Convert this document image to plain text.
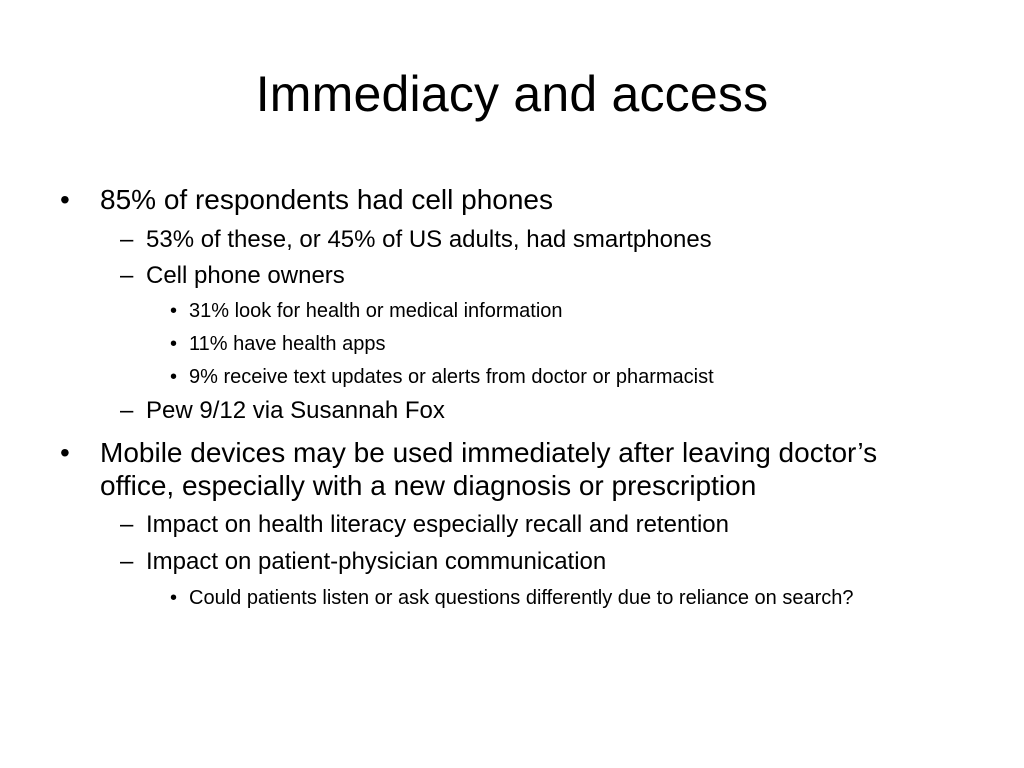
Immediacy and access
• 85% of respondents had cell phones
– 53% of these, or 45% of US adults, had smartphones
– Cell phone owners
• 31% look for health or medical information
• 11% have health apps
• 9% receive text updates or alerts from doctor or pharmacist
– Pew 9/12 via Susannah Fox
• Mobile devices may be used immediately after leaving doctor’s
office, especially with a new diagnosis or prescription
– Impact on health literacy especially recall and retention
– Impact on patient-physician communication
• Could patients listen or ask questions differently due to reliance on search?
